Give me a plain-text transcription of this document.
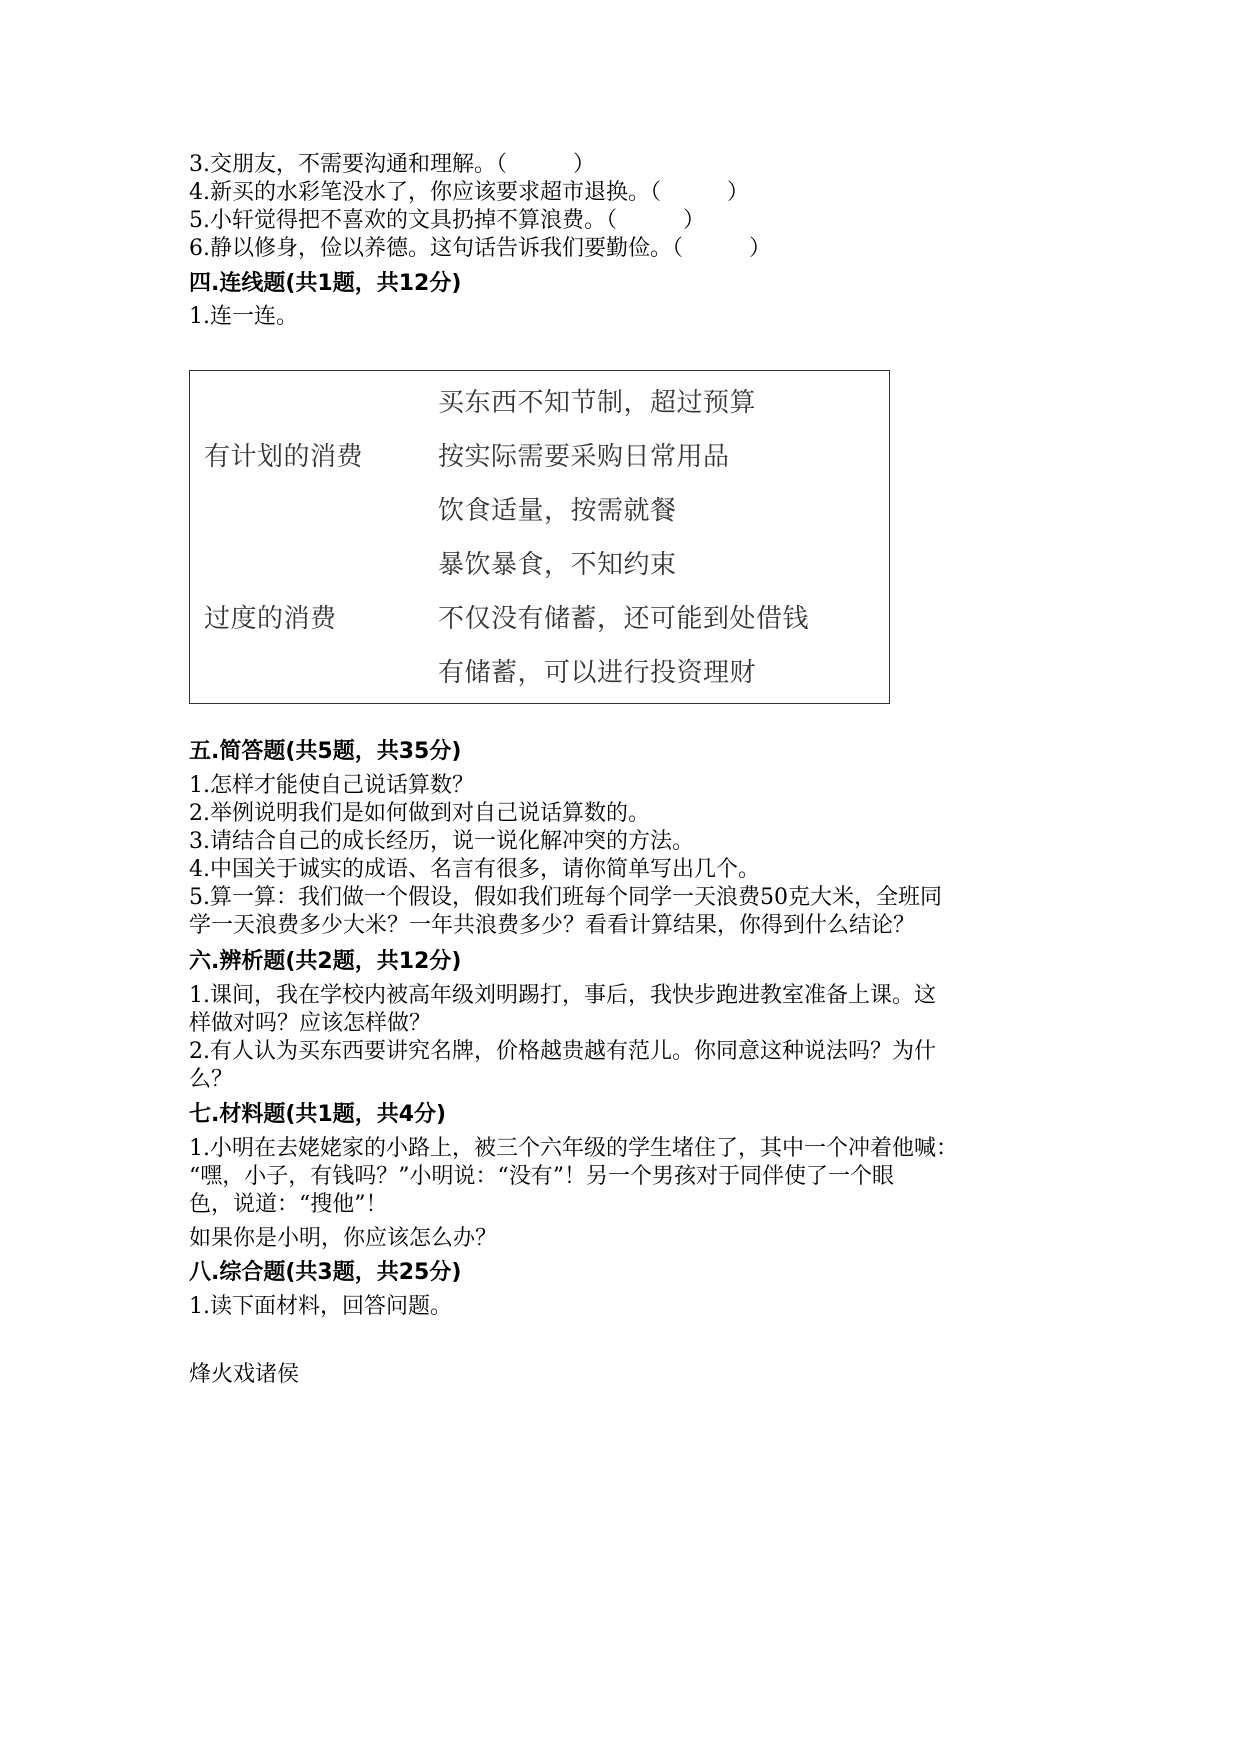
3.交朋友，不需要沟通和理解。（　　　）
4.新买的水彩笔没水了，你应该要求超市退换。（　　　）
5.小轩觉得把不喜欢的文具扔掉不算浪费。（　　　）
6.静以修身，俭以养德。这句话告诉我们要勤俭。（　　　）
四.连线题(共1题，共12分)
1.连一连。
有计划的消费
过度的消费
买东西不知节制，超过预算
按实际需要采购日常用品
饮食适量，按需就餐
暴饮暴食，不知约束
不仅没有储蓄，还可能到处借钱
有储蓄，可以进行投资理财
五.简答题(共5题，共35分)
1.怎样才能使自己说话算数？
2.举例说明我们是如何做到对自己说话算数的。
3.请结合自己的成长经历，说一说化解冲突的方法。
4.中国关于诚实的成语、名言有很多，请你简单写出几个。
5.算一算：我们做一个假设，假如我们班每个同学一天浪费50克大米，全班同
学一天浪费多少大米？一年共浪费多少？看看计算结果，你得到什么结论？
六.辨析题(共2题，共12分)
1.课间，我在学校内被高年级刘明踢打，事后，我快步跑进教室准备上课。这
样做对吗？应该怎样做？
2.有人认为买东西要讲究名牌，价格越贵越有范儿。你同意这种说法吗？为什
么？
七.材料题(共1题，共4分)
1.小明在去姥姥家的小路上，被三个六年级的学生堵住了，其中一个冲着他喊：
“嘿，小子，有钱吗？”小明说：“没有”！另一个男孩对于同伴使了一个眼
色，说道：“搜他”！
如果你是小明，你应该怎么办？
八.综合题(共3题，共25分)
1.读下面材料，回答问题。
烽火戏诸侯
